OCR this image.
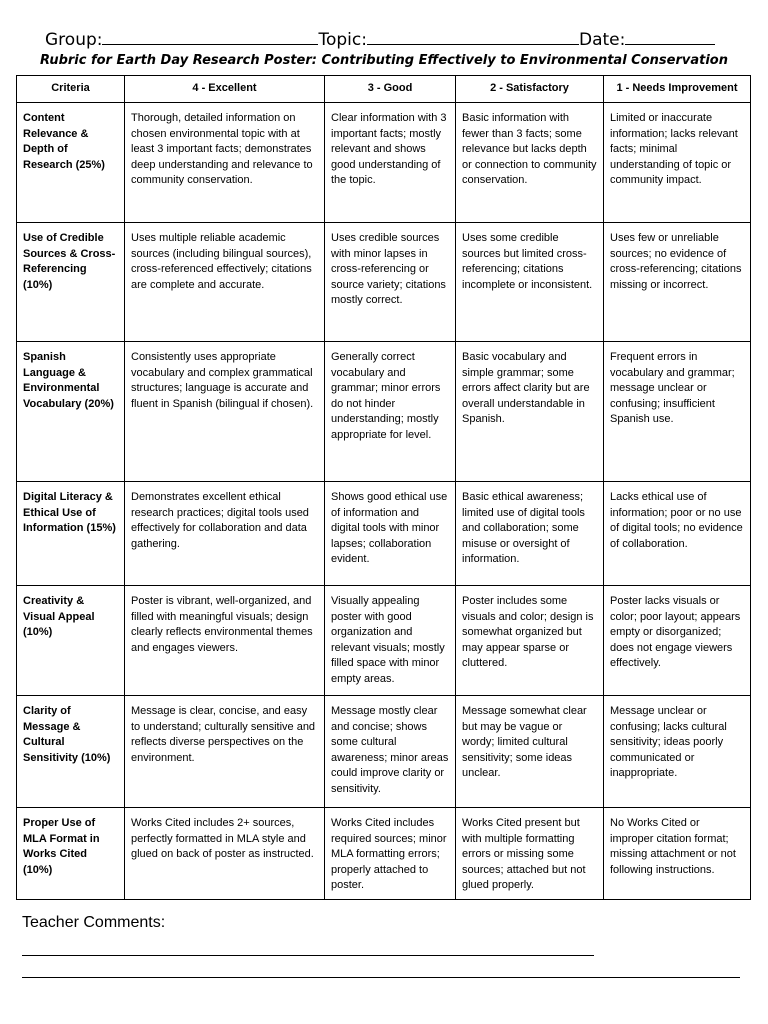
Group:	Topic:	Date:
Rubric for Earth Day Research Poster: Contributing Effectively to Environmental Conservation
Criteria	4 - Excellent	3 - Good	2 - Satisfactory	1 - Needs Improvement
Content Relevance & Depth of Research (25%)	Thorough, detailed information on chosen environmental topic with at least 3 important facts; demonstrates deep understanding and relevance to community conservation.	Clear information with 3 important facts; mostly relevant and shows good understanding of the topic.	Basic information with fewer than 3 facts; some relevance but lacks depth or connection to community conservation.	Limited or inaccurate information; lacks relevant facts; minimal understanding of topic or community impact.
Use of Credible Sources & Cross-Referencing (10%)	Uses multiple reliable academic sources (including bilingual sources), cross-referenced effectively; citations are complete and accurate.	Uses credible sources with minor lapses in cross-referencing or source variety; citations mostly correct.	Uses some credible sources but limited cross-referencing; citations incomplete or inconsistent.	Uses few or unreliable sources; no evidence of cross-referencing; citations missing or incorrect.
Spanish Language & Environmental Vocabulary (20%)	Consistently uses appropriate vocabulary and complex grammatical structures; language is accurate and fluent in Spanish (bilingual if chosen).	Generally correct vocabulary and grammar; minor errors do not hinder understanding; mostly appropriate for level.	Basic vocabulary and simple grammar; some errors affect clarity but are overall understandable in Spanish.	Frequent errors in vocabulary and grammar; message unclear or confusing; insufficient Spanish use.
Digital Literacy & Ethical Use of Information (15%)	Demonstrates excellent ethical research practices; digital tools used effectively for collaboration and data gathering.	Shows good ethical use of information and digital tools with minor lapses; collaboration evident.	Basic ethical awareness; limited use of digital tools and collaboration; some misuse or oversight of information.	Lacks ethical use of information; poor or no use of digital tools; no evidence of collaboration.
Creativity & Visual Appeal (10%)	Poster is vibrant, well-organized, and filled with meaningful visuals; design clearly reflects environmental themes and engages viewers.	Visually appealing poster with good organization and relevant visuals; mostly filled space with minor empty areas.	Poster includes some visuals and color; design is somewhat organized but may appear sparse or cluttered.	Poster lacks visuals or color; poor layout; appears empty or disorganized; does not engage viewers effectively.
Clarity of Message & Cultural Sensitivity (10%)	Message is clear, concise, and easy to understand; culturally sensitive and reflects diverse perspectives on the environment.	Message mostly clear and concise; shows some cultural awareness; minor areas could improve clarity or sensitivity.	Message somewhat clear but may be vague or wordy; limited cultural sensitivity; some ideas unclear.	Message unclear or confusing; lacks cultural sensitivity; ideas poorly communicated or inappropriate.
Proper Use of MLA Format in Works Cited (10%)	Works Cited includes 2+ sources, perfectly formatted in MLA style and glued on back of poster as instructed.	Works Cited includes required sources; minor MLA formatting errors; properly attached to poster.	Works Cited present but with multiple formatting errors or missing some sources; attached but not glued properly.	No Works Cited or improper citation format; missing attachment or not following instructions.
Teacher Comments:
